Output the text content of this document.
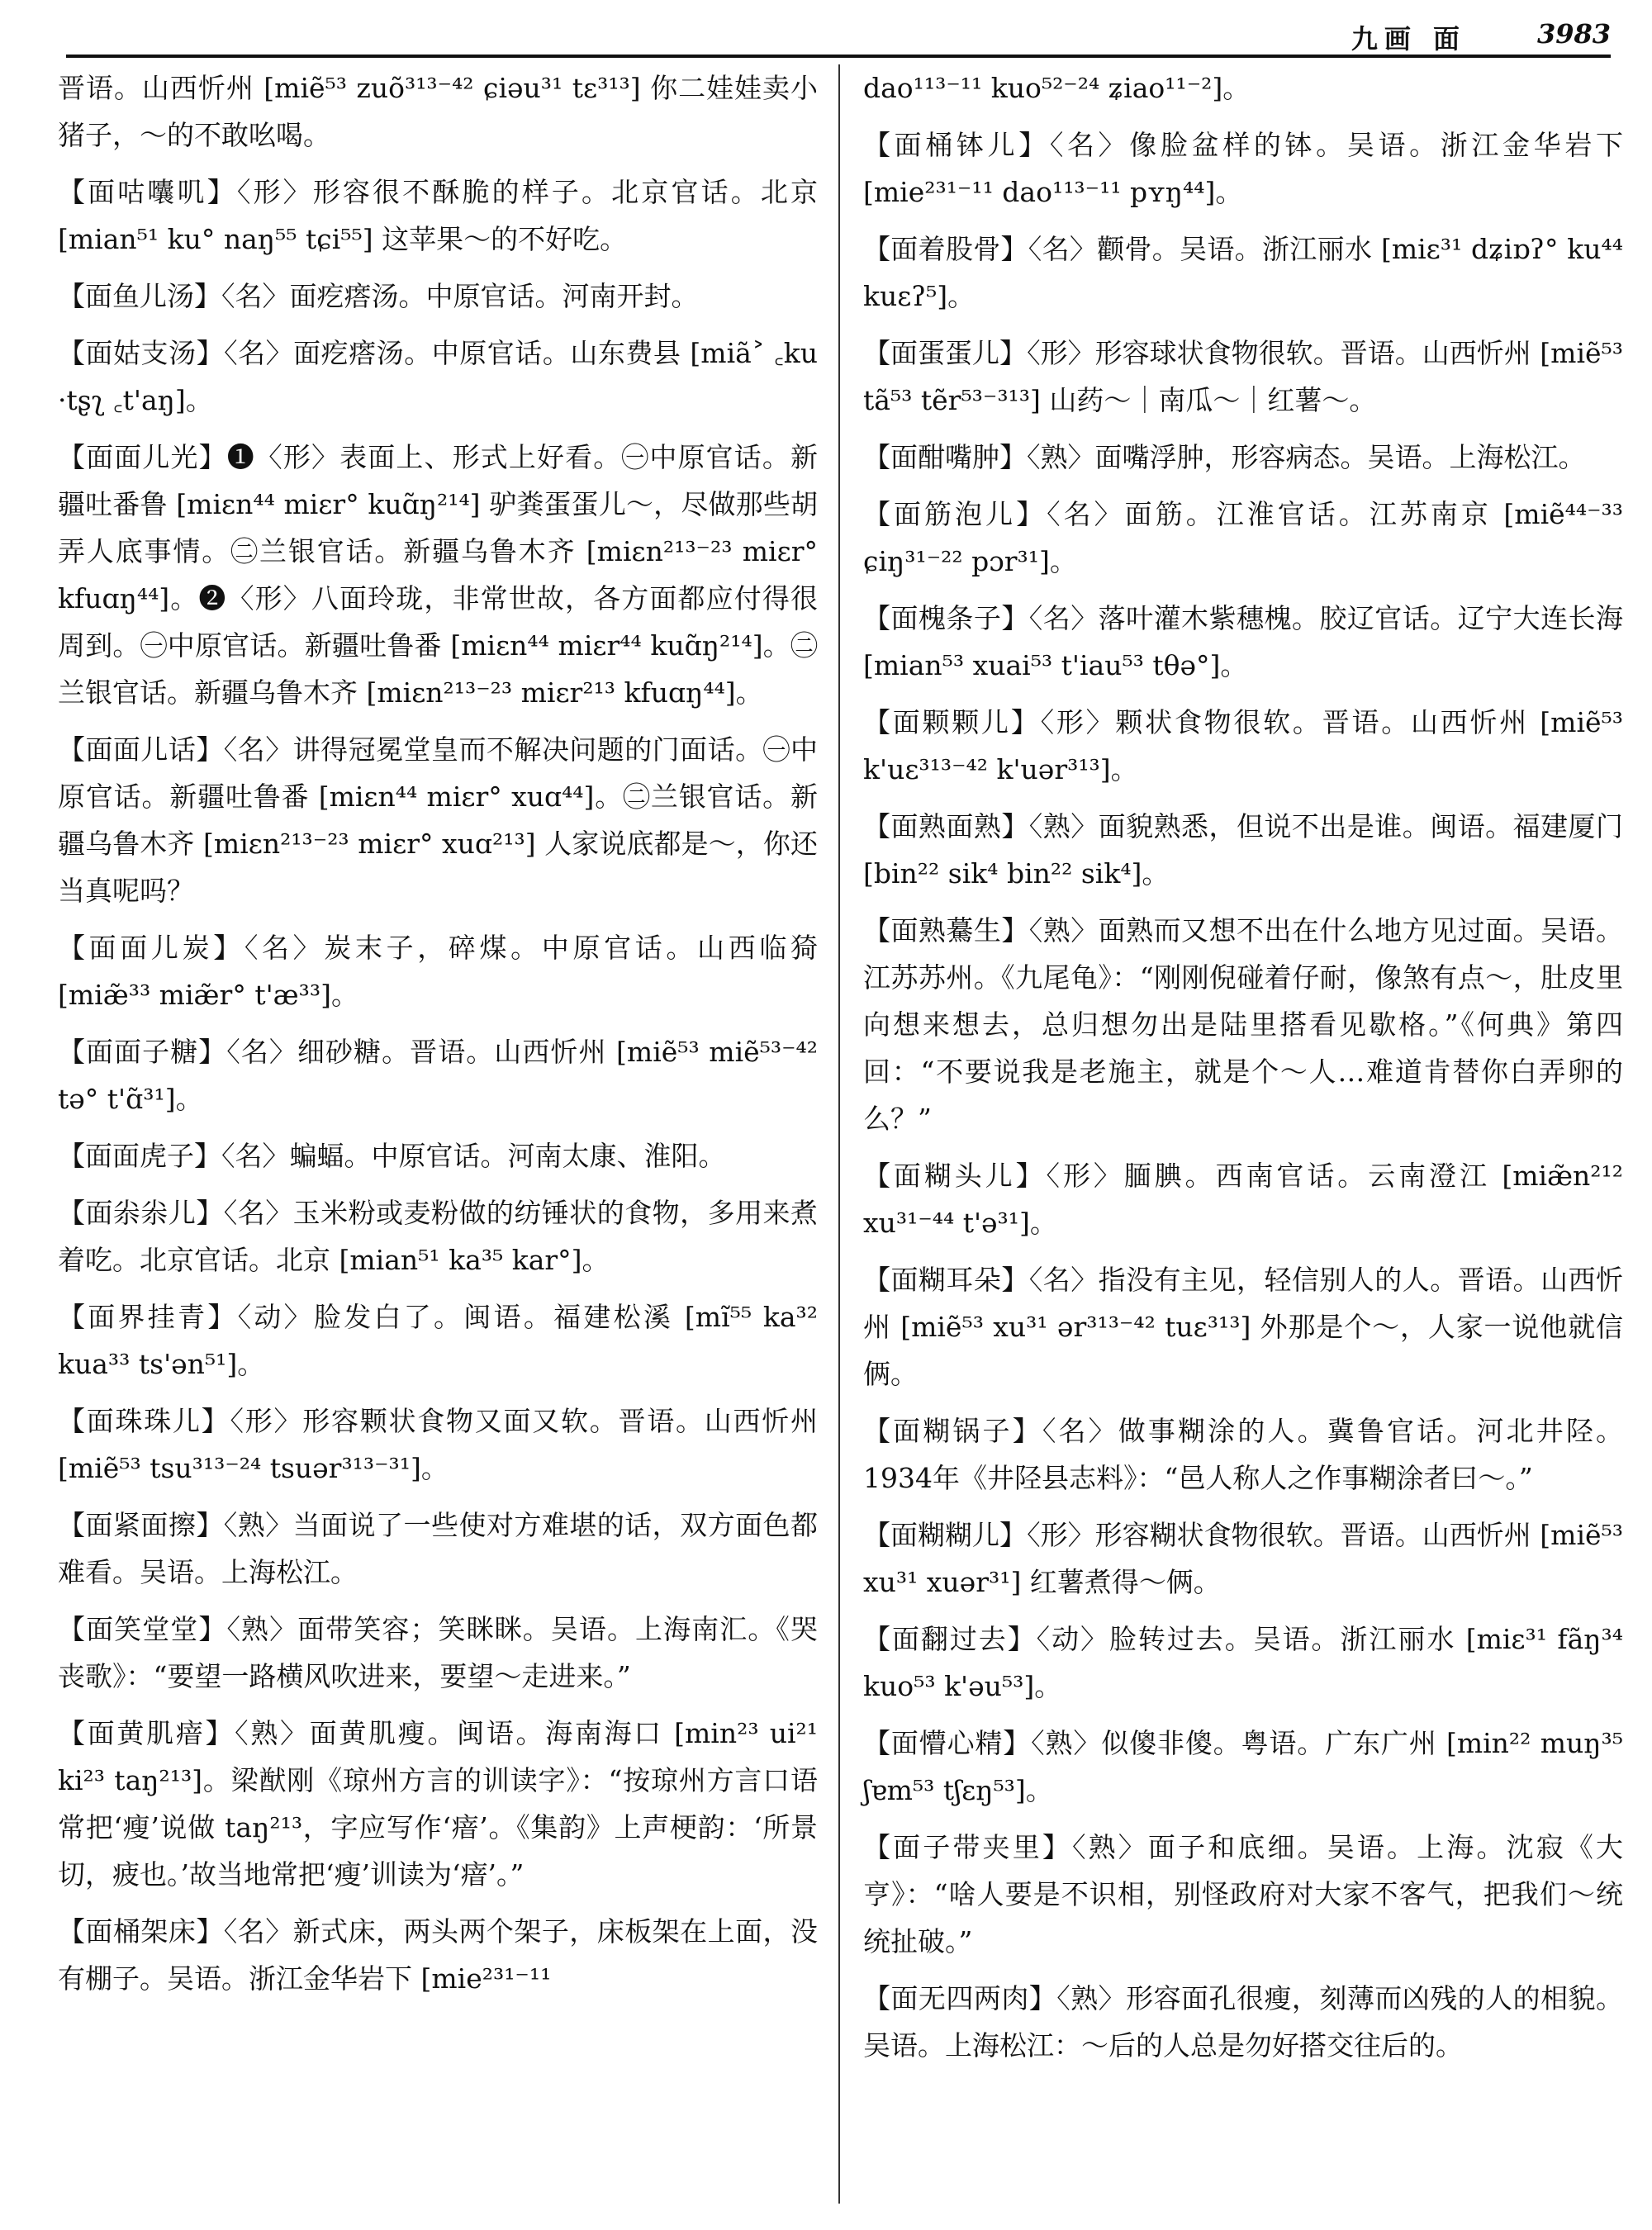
九画 面	3983

晋语。山西忻州 [miẽ⁵³ zuõ³¹³⁻⁴² ɕiəu³¹ tɛ³¹³] 你二娃娃卖小猪子，～的不敢吆喝。

【面咕囔叽】〈形〉形容很不酥脆的样子。北京官话。北京 [mian⁵¹ ku° naŋ⁵⁵ tɕi⁵⁵] 这苹果～的不好吃。

【面鱼儿汤】〈名〉面疙瘩汤。中原官话。河南开封。

【面姑支汤】〈名〉面疙瘩汤。中原官话。山东费县 [miã˃ ꜀ku ·tʂʅ ꜀t'aŋ]。

【面面儿光】❶〈形〉表面上、形式上好看。㊀中原官话。新疆吐番鲁 [miɛn⁴⁴ miɛr° kuɑ̃ŋ²¹⁴] 驴粪蛋蛋儿～，尽做那些胡弄人底事情。㊁兰银官话。新疆乌鲁木齐 [miɛn²¹³⁻²³ miɛr° kfuɑŋ⁴⁴]。❷〈形〉八面玲珑，非常世故，各方面都应付得很周到。㊀中原官话。新疆吐鲁番 [miɛn⁴⁴ miɛr⁴⁴ kuɑ̃ŋ²¹⁴]。㊁兰银官话。新疆乌鲁木齐 [miɛn²¹³⁻²³ miɛr²¹³ kfuɑŋ⁴⁴]。

【面面儿话】〈名〉讲得冠冕堂皇而不解决问题的门面话。㊀中原官话。新疆吐鲁番 [miɛn⁴⁴ miɛr° xuɑ⁴⁴]。㊁兰银官话。新疆乌鲁木齐 [miɛn²¹³⁻²³ miɛr° xuɑ²¹³] 人家说底都是～，你还当真呢吗？

【面面儿炭】〈名〉炭末子，碎煤。中原官话。山西临猗 [miæ̃³³ miæ̃r° t'æ³³]。

【面面子糖】〈名〉细砂糖。晋语。山西忻州 [miẽ⁵³ miẽ⁵³⁻⁴² tə° t'ɑ̃³¹]。

【面面虎子】〈名〉蝙蝠。中原官话。河南太康、淮阳。

【面尜尜儿】〈名〉玉米粉或麦粉做的纺锤状的食物，多用来煮着吃。北京官话。北京 [mian⁵¹ ka³⁵ kar°]。

【面界挂青】〈动〉脸发白了。闽语。福建松溪 [mĩ⁵⁵ ka³² kua³³ ts'ən⁵¹]。

【面珠珠儿】〈形〉形容颗状食物又面又软。晋语。山西忻州 [miẽ⁵³ tsu³¹³⁻²⁴ tsuər³¹³⁻³¹]。

【面紧面擦】〈熟〉当面说了一些使对方难堪的话，双方面色都难看。吴语。上海松江。

【面笑堂堂】〈熟〉面带笑容；笑眯眯。吴语。上海南汇。《哭丧歌》：“要望一路横风吹进来，要望～走进来。”

【面黄肌瘖】〈熟〉面黄肌瘦。闽语。海南海口 [min²³ ui²¹ ki²³ taŋ²¹³]。梁猷刚《琼州方言的训读字》：“按琼州方言口语常把‘瘦’说做 taŋ²¹³，字应写作‘瘖’。《集韵》上声梗韵：‘所景切，疲也。’故当地常把‘瘦’训读为‘瘖’。”

【面桶架床】〈名〉新式床，两头两个架子，床板架在上面，没有棚子。吴语。浙江金华岩下 [mie²³¹⁻¹¹

dao¹¹³⁻¹¹ kuo⁵²⁻²⁴ ʑiao¹¹⁻²]。

【面桶钵儿】〈名〉像脸盆样的钵。吴语。浙江金华岩下 [mie²³¹⁻¹¹ dao¹¹³⁻¹¹ pʏŋ⁴⁴]。

【面着股骨】〈名〉颧骨。吴语。浙江丽水 [miɛ³¹ dʑiɒʔ° ku⁴⁴ kuɛʔ⁵]。

【面蛋蛋儿】〈形〉形容球状食物很软。晋语。山西忻州 [miẽ⁵³ tã⁵³ tẽr⁵³⁻³¹³] 山药～｜南瓜～｜红薯～。

【面酣嘴肿】〈熟〉面嘴浮肿，形容病态。吴语。上海松江。

【面筋泡儿】〈名〉面筋。江淮官话。江苏南京 [miẽ⁴⁴⁻³³ ɕiŋ³¹⁻²² pɔr³¹]。

【面槐条子】〈名〉落叶灌木紫穗槐。胶辽官话。辽宁大连长海 [mian⁵³ xuai⁵³ t'iau⁵³ tθə°]。

【面颗颗儿】〈形〉颗状食物很软。晋语。山西忻州 [miẽ⁵³ k'uɛ³¹³⁻⁴² k'uər³¹³]。

【面熟面熟】〈熟〉面貌熟悉，但说不出是谁。闽语。福建厦门 [bin²² sik⁴ bin²² sik⁴]。

【面熟驀生】〈熟〉面熟而又想不出在什么地方见过面。吴语。江苏苏州。《九尾龟》：“刚刚倪碰着仔耐，像煞有点～，肚皮里向想来想去，总归想勿出是陆里搭看见歇格。”《何典》第四回：“不要说我是老施主，就是个～人…难道肯替你白弄卵的么？”

【面糊头儿】〈形〉腼腆。西南官话。云南澄江 [miæ̃n²¹² xu³¹⁻⁴⁴ t'ə³¹]。

【面糊耳朵】〈名〉指没有主见，轻信别人的人。晋语。山西忻州 [miẽ⁵³ xu³¹ ər³¹³⁻⁴² tuɛ³¹³] 外那是个～，人家一说他就信俩。

【面糊锅子】〈名〉做事糊涂的人。冀鲁官话。河北井陉。1934年《井陉县志料》：“邑人称人之作事糊涂者曰～。”

【面糊糊儿】〈形〉形容糊状食物很软。晋语。山西忻州 [miẽ⁵³ xu³¹ xuər³¹] 红薯煮得～俩。

【面翻过去】〈动〉脸转过去。吴语。浙江丽水 [miɛ³¹ fãŋ³⁴ kuo⁵³ k'əu⁵³]。

【面懵心精】〈熟〉似傻非傻。粤语。广东广州 [min²² muŋ³⁵ ʃɐm⁵³ tʃɛŋ⁵³]。

【面子带夹里】〈熟〉面子和底细。吴语。上海。沈寂《大亨》：“啥人要是不识相，别怪政府对大家不客气，把我们～统统扯破。”

【面无四两肉】〈熟〉形容面孔很瘦，刻薄而凶残的人的相貌。吴语。上海松江：～后的人总是勿好搭交往后的。
